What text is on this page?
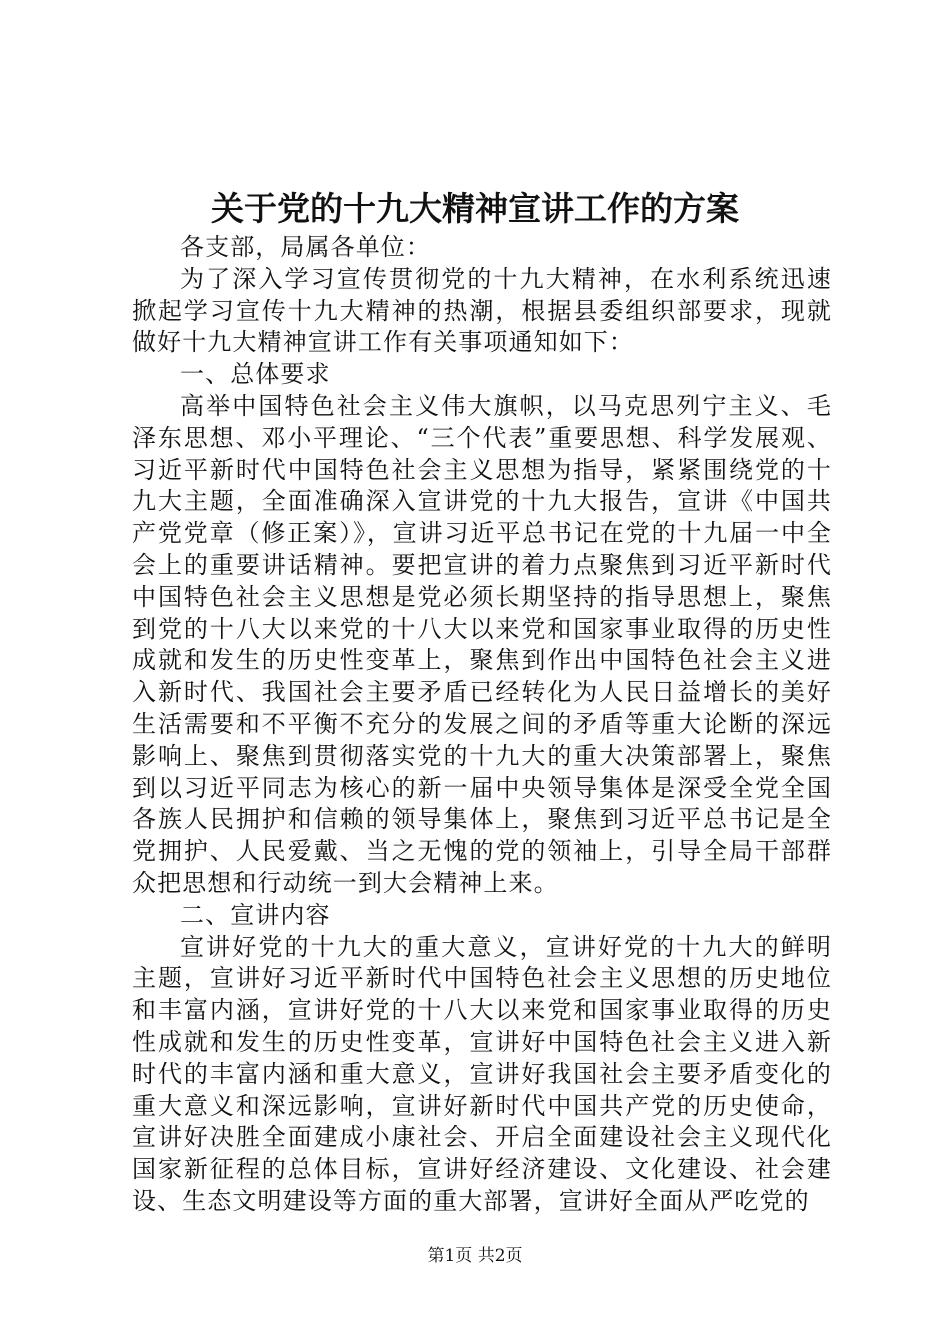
关于党的十九大精神宣讲工作的方案

各支部，局属各单位：

为了深入学习宣传贯彻党的十九大精神，在水利系统迅速掀起学习宣传十九大精神的热潮，根据县委组织部要求，现就做好十九大精神宣讲工作有关事项通知如下：

一、总体要求

高举中国特色社会主义伟大旗帜，以马克思列宁主义、毛泽东思想、邓小平理论、“三个代表”重要思想、科学发展观、习近平新时代中国特色社会主义思想为指导，紧紧围绕党的十九大主题，全面准确深入宣讲党的十九大报告，宣讲《中国共产党党章（修正案）》，宣讲习近平总书记在党的十九届一中全会上的重要讲话精神。要把宣讲的着力点聚焦到习近平新时代中国特色社会主义思想是党必须长期坚持的指导思想上，聚焦到党的十八大以来党的十八大以来党和国家事业取得的历史性成就和发生的历史性变革上，聚焦到作出中国特色社会主义进入新时代、我国社会主要矛盾已经转化为人民日益增长的美好生活需要和不平衡不充分的发展之间的矛盾等重大论断的深远影响上、聚焦到贯彻落实党的十九大的重大决策部署上，聚焦到以习近平同志为核心的新一届中央领导集体是深受全党全国各族人民拥护和信赖的领导集体上，聚焦到习近平总书记是全党拥护、人民爱戴、当之无愧的党的领袖上，引导全局干部群众把思想和行动统一到大会精神上来。

二、宣讲内容

宣讲好党的十九大的重大意义，宣讲好党的十九大的鲜明主题，宣讲好习近平新时代中国特色社会主义思想的历史地位和丰富内涵，宣讲好党的十八大以来党和国家事业取得的历史性成就和发生的历史性变革，宣讲好中国特色社会主义进入新时代的丰富内涵和重大意义，宣讲好我国社会主要矛盾变化的重大意义和深远影响，宣讲好新时代中国共产党的历史使命，宣讲好决胜全面建成小康社会、开启全面建设社会主义现代化国家新征程的总体目标，宣讲好经济建设、文化建设、社会建设、生态文明建设等方面的重大部署，宣讲好全面从严吃党的

第1页 共2页
